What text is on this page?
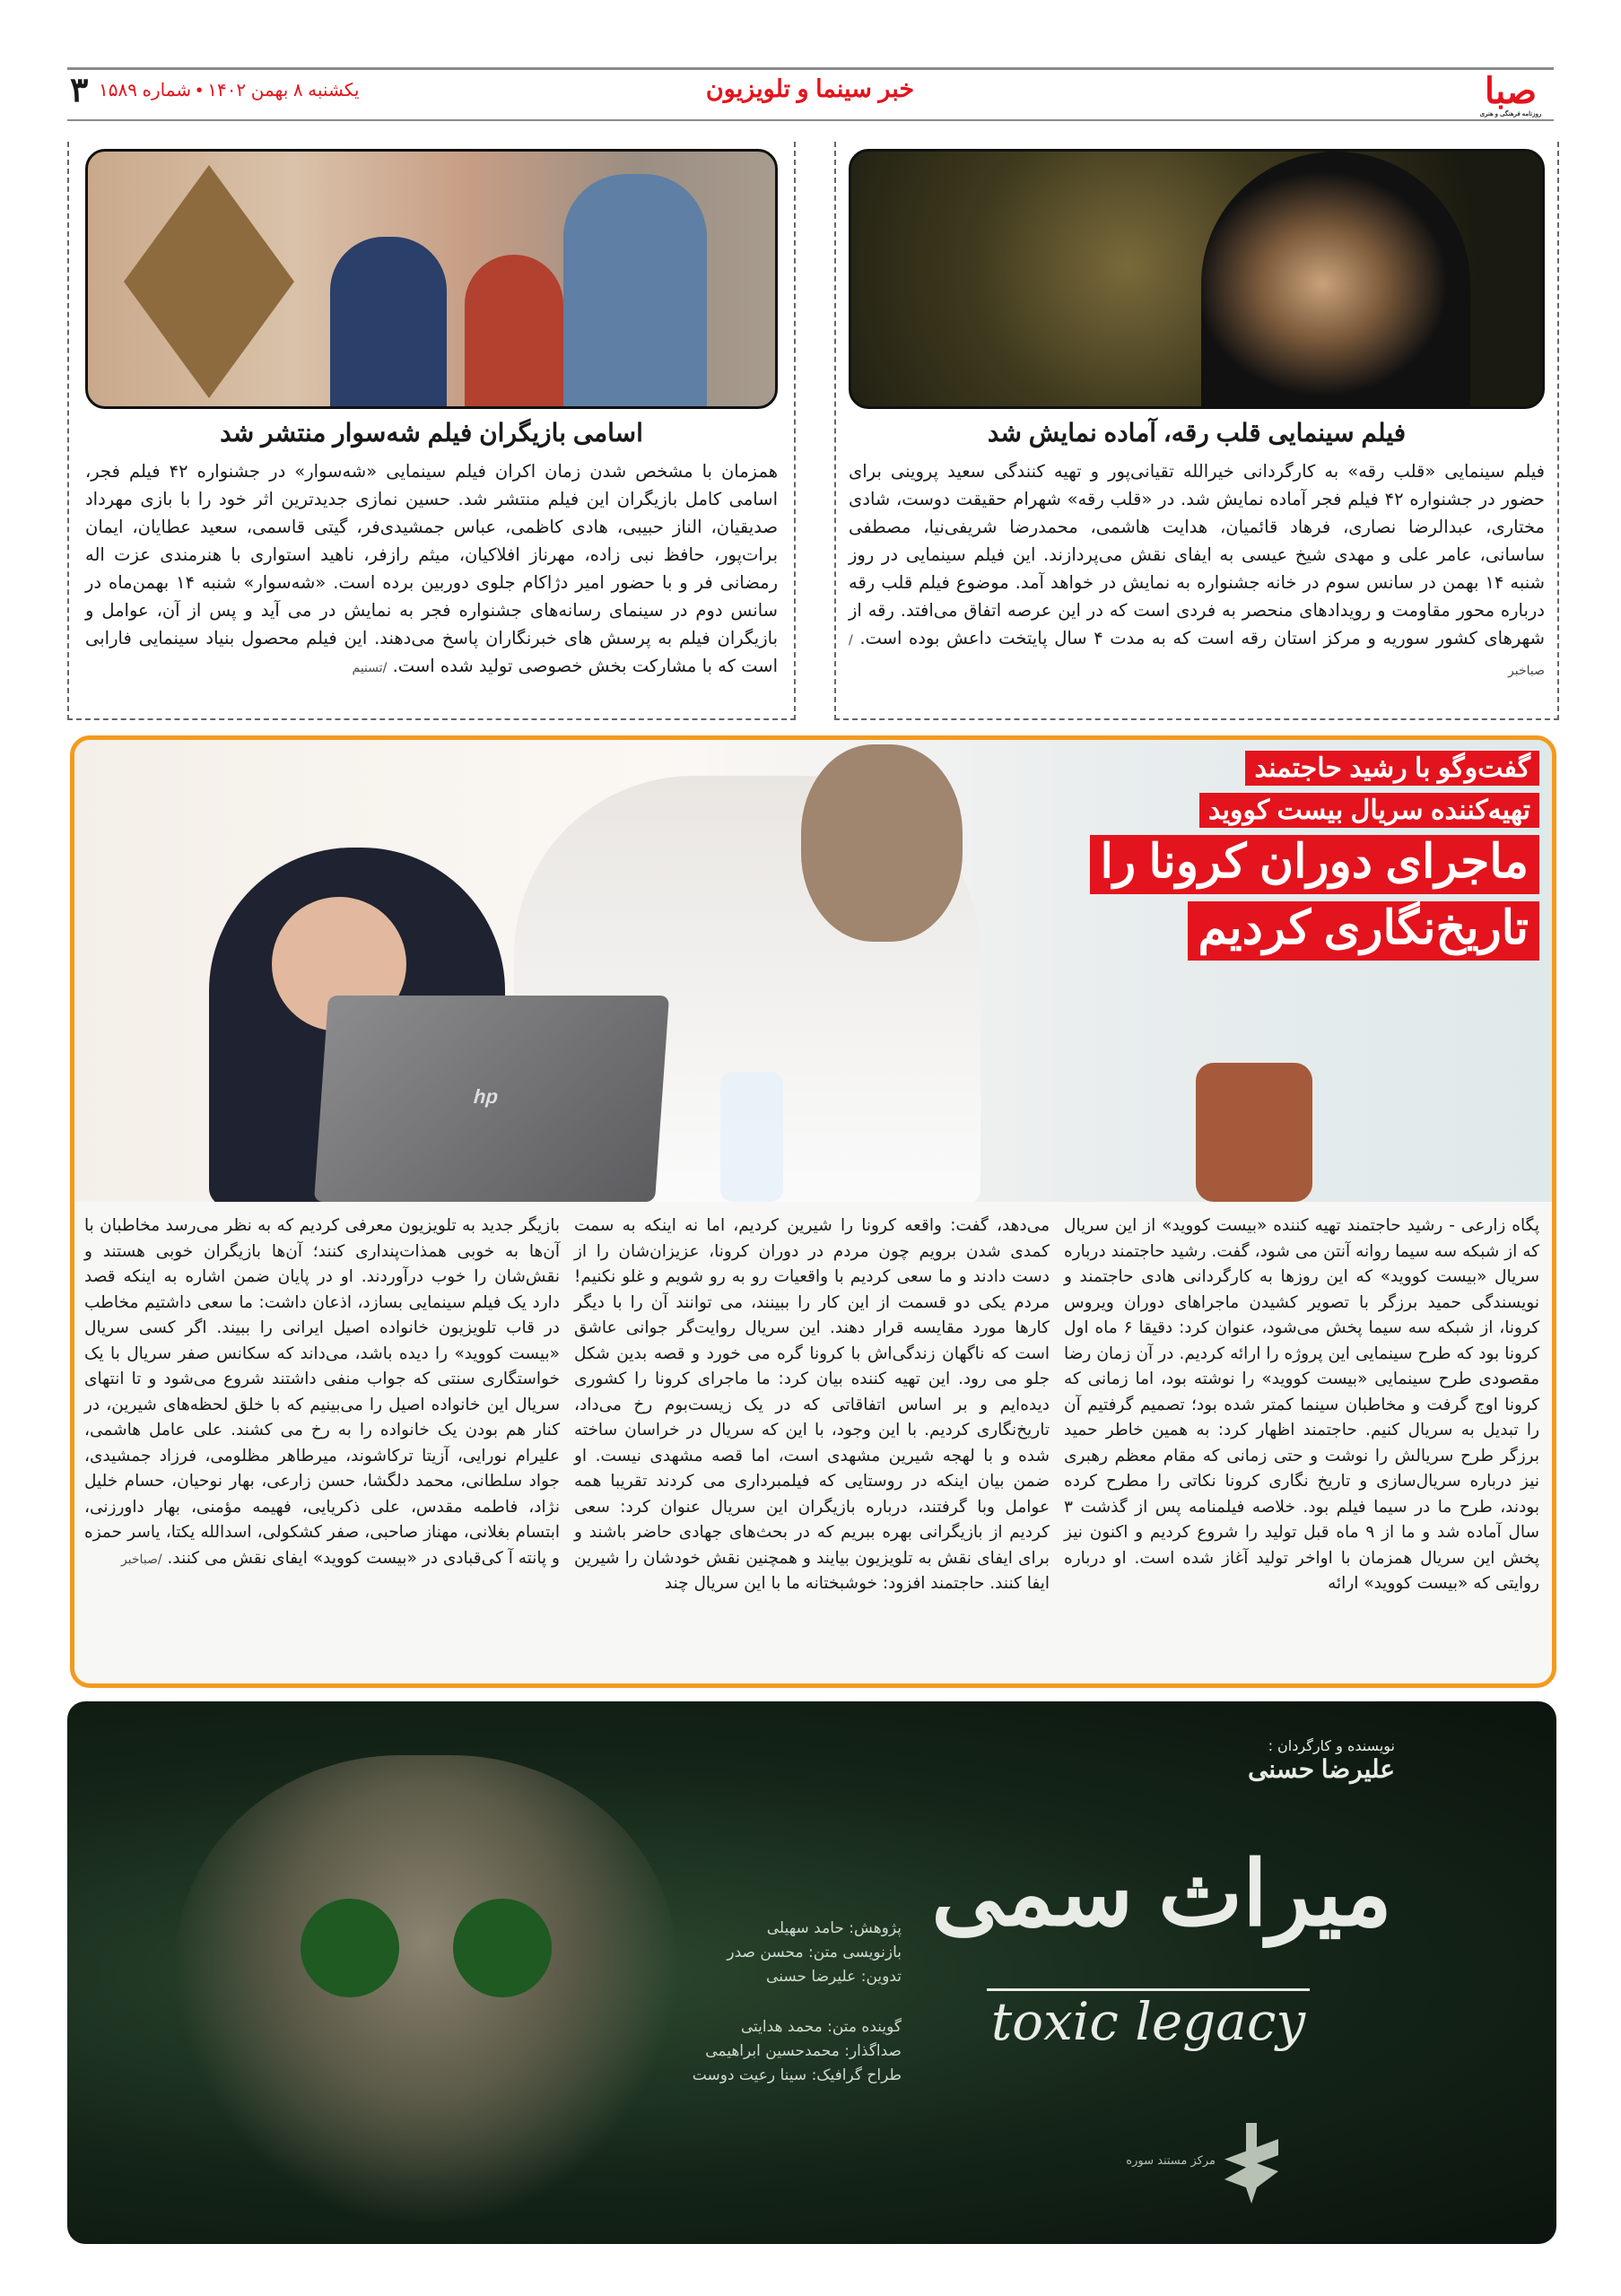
صبا
روزنامه فرهنگی و هنری
خبر سینما و تلویزیون
یکشنبه ۸ بهمن ۱۴۰۲ • شماره ۱۵۸۹
۳
فیلم سینمایی قلب رقه، آماده نمایش شد
فیلم سینمایی «قلب رقه» به کارگردانی خیرالله تقیانی‌پور و تهیه کنندگی سعید پروینی برای حضور در جشنواره ۴۲ فیلم فجر آماده نمایش شد. در «قلب رقه» شهرام حقیقت دوست، شادی مختاری، عبدالرضا نصاری، فرهاد قائمیان، هدایت هاشمی، محمدرضا شریفی‌نیا، مصطفی ساسانی، عامر علی و مهدی شیخ عیسی به ایفای نقش می‌پردازند. این فیلم سینمایی در روز شنبه ۱۴ بهمن در سانس سوم در خانه جشنواره به نمایش در خواهد آمد. موضوع فیلم قلب رقه درباره محور مقاومت و رویدادهای منحصر به فردی است که در این عرصه اتفاق می‌افتد. رقه از شهرهای کشور سوریه و مرکز استان رقه است که به مدت ۴ سال پایتخت داعش بوده است. /صباخبر
اسامی بازیگران فیلم شه‌سوار منتشر شد
همزمان با مشخص شدن زمان اکران فیلم سینمایی «شه‌سوار» در جشنواره ۴۲ فیلم فجر، اسامی کامل بازیگران این فیلم منتشر شد. حسین نمازی جدیدترین اثر خود را با بازی مهرداد صدیقیان، الناز حبیبی، هادی کاظمی، عباس جمشیدی‌فر، گیتی قاسمی، سعید عطایان، ایمان برات‌پور، حافظ نبی زاده، مهرناز افلاکیان، میثم رازفر، ناهید استواری با هنرمندی عزت اله رمضانی فر و با حضور امیر دژاکام جلوی دوربین برده است. «شه‌سوار» شنبه ۱۴ بهمن‌ماه در سانس دوم در سینمای رسانه‌های جشنواره فجر به نمایش در می آید و پس از آن، عوامل و بازیگران فیلم به پرسش های خبرنگاران پاسخ می‌دهند. این فیلم محصول بنیاد سینمایی فارابی است که با مشارکت بخش خصوصی تولید شده است. /تسنیم
hp
گفت‌وگو با رشید حاجتمند
تهیه‌کننده سریال بیست کووید
ماجرای دوران کرونا را
تاریخ‌نگاری کردیم
پگاه زارعی - رشید حاجتمند تهیه کننده «بیست کووید» از این سریال که از شبکه سه سیما روانه آنتن می شود، گفت. رشید حاجتمند درباره سریال «بیست کووید» که این روزها به کارگردانی هادی حاجتمند و نویسندگی حمید برزگر با تصویر کشیدن ماجراهای دوران ویروس کرونا، از شبکه سه سیما پخش می‌شود، عنوان کرد: دقیقا ۶ ماه اول کرونا بود که طرح سینمایی این پروژه را ارائه کردیم. در آن زمان رضا مقصودی طرح سینمایی «بیست کووید» را نوشته بود، اما زمانی که کرونا اوج گرفت و مخاطبان سینما کمتر شده بود؛ تصمیم گرفتیم آن را تبدیل به سریال کنیم. حاجتمند اظهار کرد: به همین خاطر حمید برزگر طرح سریالش را نوشت و حتی زمانی که مقام معظم رهبری نیز درباره سریال‌سازی و تاریخ نگاری کرونا نکاتی را مطرح کرده بودند، طرح ما در سیما فیلم بود. خلاصه فیلمنامه پس از گذشت ۳ سال آماده شد و ما از ۹ ماه قبل تولید را شروع کردیم و اکنون نیز پخش این سریال همزمان با اواخر تولید آغاز شده است. او درباره روایتی که «بیست کووید» ارائه
می‌دهد، گفت: واقعه کرونا را شیرین کردیم، اما نه اینکه به سمت کمدی شدن برویم چون مردم در دوران کرونا، عزیزان‌شان را از دست دادند و ما سعی کردیم با واقعیات رو به رو شویم و غلو نکنیم! مردم یکی دو قسمت از این کار را ببینند، می توانند آن را با دیگر کارها مورد مقایسه قرار دهند. این سریال روایت‌گر جوانی عاشق است که ناگهان زندگی‌اش با کرونا گره می خورد و قصه بدین شکل جلو می رود. این تهیه کننده بیان کرد: ما ماجرای کرونا را کشوری دیده‌ایم و بر اساس اتفاقاتی که در یک زیست‌بوم رخ می‌داد، تاریخ‌نگاری کردیم. با این وجود، با این که سریال در خراسان ساخته شده و با لهجه شیرین مشهدی است، اما قصه مشهدی نیست. او ضمن بیان اینکه در روستایی که فیلمبرداری می کردند تقریبا همه عوامل وبا گرفتند، درباره بازیگران این سریال عنوان کرد: سعی کردیم از بازیگرانی بهره ببریم که در بحث‌های جهادی حاضر باشند و برای ایفای نقش به تلویزیون بیایند و همچنین نقش خودشان را شیرین ایفا کنند. حاجتمند افزود: خوشبختانه ما با این سریال چند
بازیگر جدید به تلویزیون معرفی کردیم که به نظر می‌رسد مخاطبان با آن‌ها به خوبی همذات‌پنداری کنند؛ آن‌ها بازیگران خوبی هستند و نقش‌شان را خوب درآوردند. او در پایان ضمن اشاره به اینکه قصد دارد یک فیلم سینمایی بسازد، اذعان داشت: ما سعی داشتیم مخاطب در قاب تلویزیون خانواده اصیل ایرانی را ببیند. اگر کسی سریال «بیست کووید» را دیده باشد، می‌داند که سکانس صفر سریال با یک خواستگاری سنتی که جواب منفی داشتند شروع می‌شود و تا انتهای سریال این خانواده اصیل را می‌بینیم که با خلق لحظه‌های شیرین، در کنار هم بودن یک خانواده را به رخ می کشند. علی عامل هاشمی، علیرام نورایی، آزیتا ترکاشوند، میرطاهر مظلومی، فرزاد جمشیدی، جواد سلطانی، محمد دلگشا، حسن زارعی، بهار نوحیان، حسام خلیل نژاد، فاطمه مقدس، علی ذکریایی، فهیمه مؤمنی، بهار داورزنی، ابتسام بغلانی، مهناز صاحبی، صفر کشکولی، اسدالله یکتا، یاسر حمزه و پانته آ کی‌قبادی در «بیست کووید» ایفای نقش می کنند. /صباخبر
پژوهش: حامد سهیلی
بازنویسی متن: محسن صدر
تدوین: علیرضا حسنی
گوینده متن: محمد هدایتی
صداگذار: محمدحسین ابراهیمی
طراح گرافیک: سینا رعیت دوست
میراث سمی
toxic legacy
نویسنده و کارگردان :
علیرضا حسنی
مرکز مستند سوره
